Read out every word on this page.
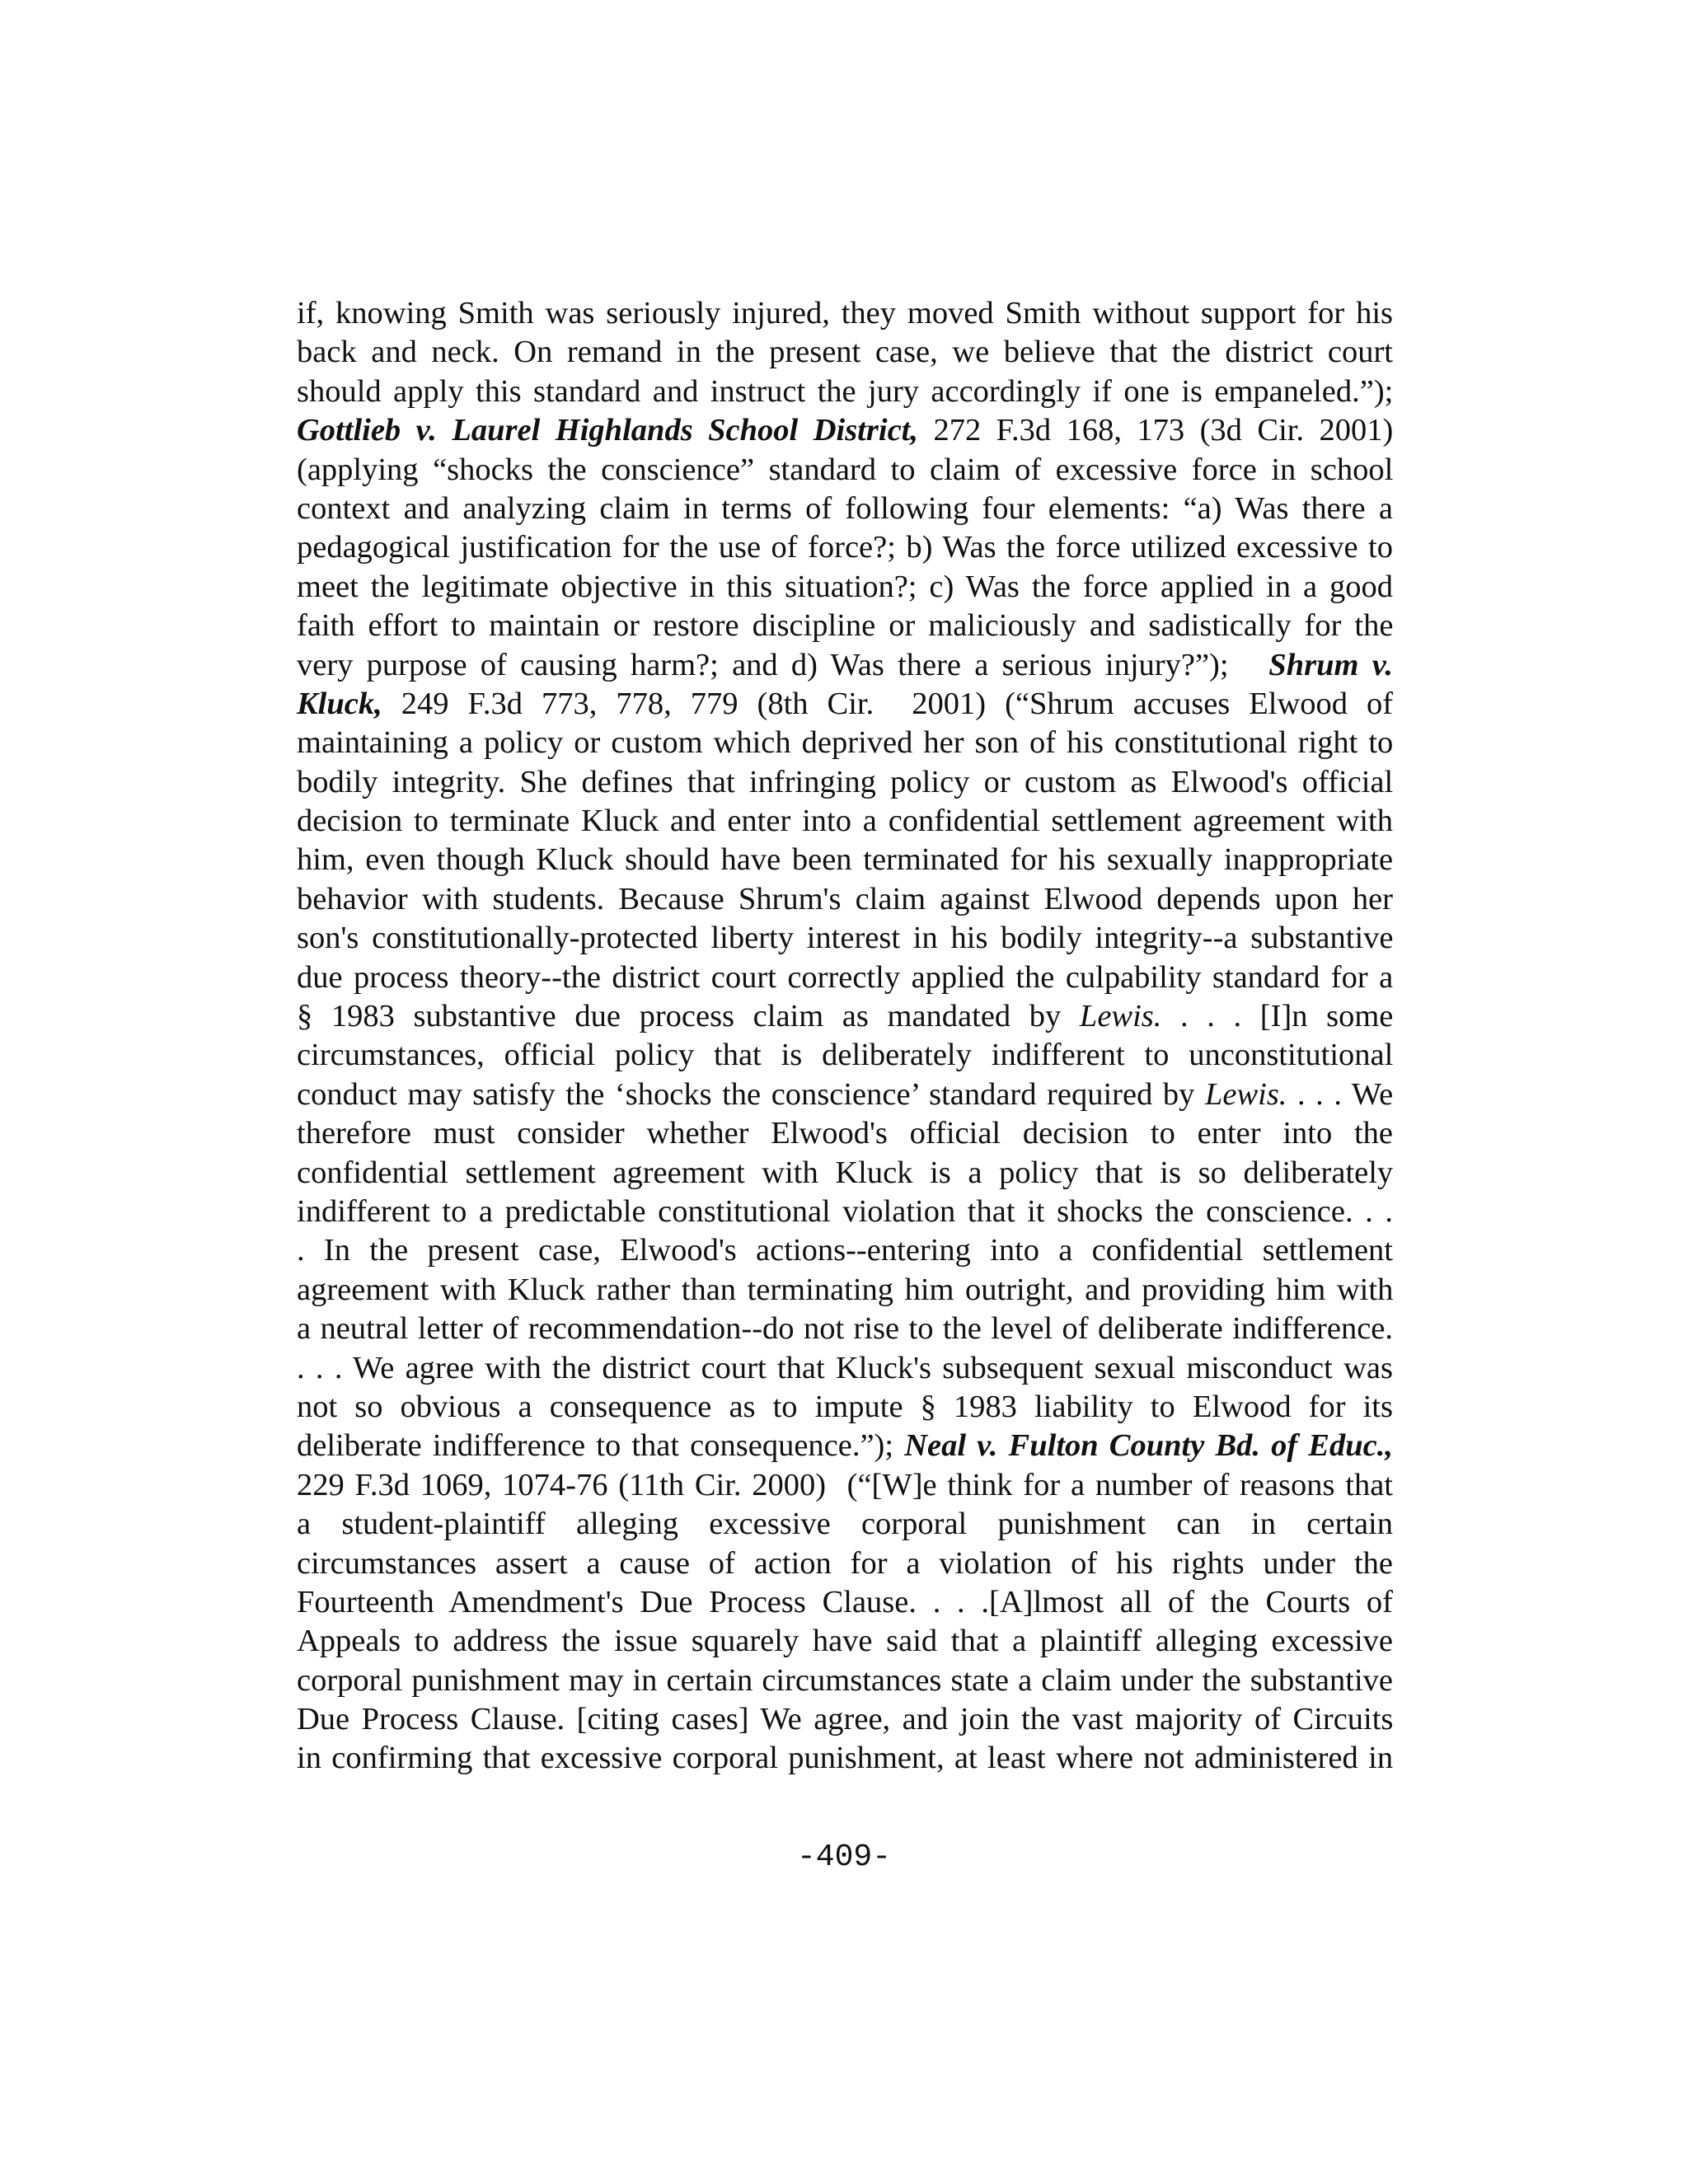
if, knowing Smith was seriously injured, they moved Smith without support for his
back and neck. On remand in the present case, we believe that the district court
should apply this standard and instruct the jury accordingly if one is empaneled.”);
Gottlieb v. Laurel Highlands School District, 272 F.3d 168, 173 (3d Cir. 2001)
(applying “shocks the conscience” standard to claim of excessive force in school
context and analyzing claim in terms of following four elements: “a) Was there a
pedagogical justification for the use of force?; b) Was the force utilized excessive to
meet the legitimate objective in this situation?; c) Was the force applied in a good
faith effort to maintain or restore discipline or maliciously and sadistically for the
very purpose of causing harm?; and d) Was there a serious injury?”);   Shrum v.
Kluck, 249 F.3d 773, 778, 779 (8th Cir.  2001) (“Shrum accuses Elwood of
maintaining a policy or custom which deprived her son of his constitutional right to
bodily integrity. She defines that infringing policy or custom as Elwood's official
decision to terminate Kluck and enter into a confidential settlement agreement with
him, even though Kluck should have been terminated for his sexually inappropriate
behavior with students. Because Shrum's claim against Elwood depends upon her
son's constitutionally-protected liberty interest in his bodily integrity--a substantive
due process theory--the district court correctly applied the culpability standard for a
§ 1983 substantive due process claim as mandated by Lewis. . . . [I]n some
circumstances, official policy that is deliberately indifferent to unconstitutional
conduct may satisfy the ‘shocks the conscience’ standard required by Lewis. . . . We
therefore must consider whether Elwood's official decision to enter into the
confidential settlement agreement with Kluck is a policy that is so deliberately
indifferent to a predictable constitutional violation that it shocks the conscience. . .
. In the present case, Elwood's actions--entering into a confidential settlement
agreement with Kluck rather than terminating him outright, and providing him with
a neutral letter of recommendation--do not rise to the level of deliberate indifference.
. . . We agree with the district court that Kluck's subsequent sexual misconduct was
not so obvious a consequence as to impute § 1983 liability to Elwood for its
deliberate indifference to that consequence.”); Neal v. Fulton County Bd. of Educ.,
229 F.3d 1069, 1074-76 (11th Cir. 2000)  (“[W]e think for a number of reasons that
a student-plaintiff alleging excessive corporal punishment can in certain
circumstances assert a cause of action for a violation of his rights under the
Fourteenth Amendment's Due Process Clause. . . .[A]lmost all of the Courts of
Appeals to address the issue squarely have said that a plaintiff alleging excessive
corporal punishment may in certain circumstances state a claim under the substantive
Due Process Clause. [citing cases] We agree, and join the vast majority of Circuits
in confirming that excessive corporal punishment, at least where not administered in
-409-
